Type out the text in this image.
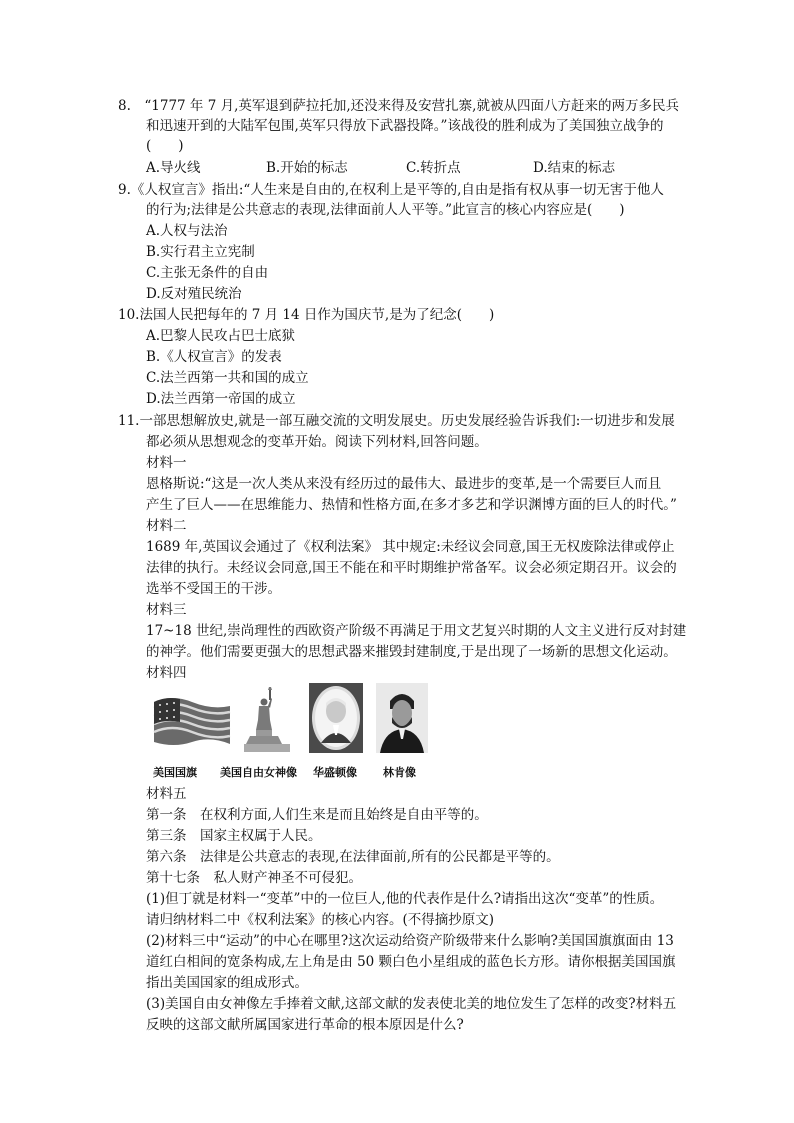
8.　“1777 年 7 月,英军退到萨拉托加,还没来得及安营扎寨,就被从四面八方赶来的两万多民兵
和迅速开到的大陆军包围,英军只得放下武器投降。”该战役的胜利成为了美国独立战争的
(　　)
A.导火线	B.开始的标志	C.转折点	D.结束的标志
9.《人权宣言》指出:“人生来是自由的,在权利上是平等的,自由是指有权从事一切无害于他人
的行为;法律是公共意志的表现,法律面前人人平等。”此宣言的核心内容应是(　　)
A.人权与法治
B.实行君主立宪制
C.主张无条件的自由
D.反对殖民统治
10.法国人民把每年的 7 月 14 日作为国庆节,是为了纪念(　　)
A.巴黎人民攻占巴士底狱
B.《人权宣言》的发表
C.法兰西第一共和国的成立
D.法兰西第一帝国的成立
11.一部思想解放史,就是一部互融交流的文明发展史。历史发展经验告诉我们:一切进步和发展
都必须从思想观念的变革开始。阅读下列材料,回答问题。
材料一
恩格斯说:“这是一次人类从来没有经历过的最伟大、最进步的变革,是一个需要巨人而且
产生了巨人——在思维能力、热情和性格方面,在多才多艺和学识渊博方面的巨人的时代。”
材料二
1689 年,英国议会通过了《权利法案》 其中规定:未经议会同意,国王无权废除法律或停止
法律的执行。未经议会同意,国王不能在和平时期维护常备军。议会必须定期召开。议会的
选举不受国王的干涉。
材料三
17~18 世纪,崇尚理性的西欧资产阶级不再满足于用文艺复兴时期的人文主义进行反对封建
的神学。他们需要更强大的思想武器来摧毁封建制度,于是出现了一场新的思想文化运动。
材料四
美国国旗 美国自由女神像 华盛顿像 林肯像
材料五
第一条　在权利方面,人们生来是而且始终是自由平等的。
第三条　国家主权属于人民。
第六条　法律是公共意志的表现,在法律面前,所有的公民都是平等的。
第十七条　私人财产神圣不可侵犯。
(1)但丁就是材料一“变革”中的一位巨人,他的代表作是什么?请指出这次“变革”的性质。
请归纳材料二中《权利法案》的核心内容。(不得摘抄原文)
(2)材料三中“运动”的中心在哪里?这次运动给资产阶级带来什么影响?美国国旗旗面由 13
道红白相间的宽条构成,左上角是由 50 颗白色小星组成的蓝色长方形。请你根据美国国旗
指出美国国家的组成形式。
(3)美国自由女神像左手捧着文献,这部文献的发表使北美的地位发生了怎样的改变?材料五
反映的这部文献所属国家进行革命的根本原因是什么?
